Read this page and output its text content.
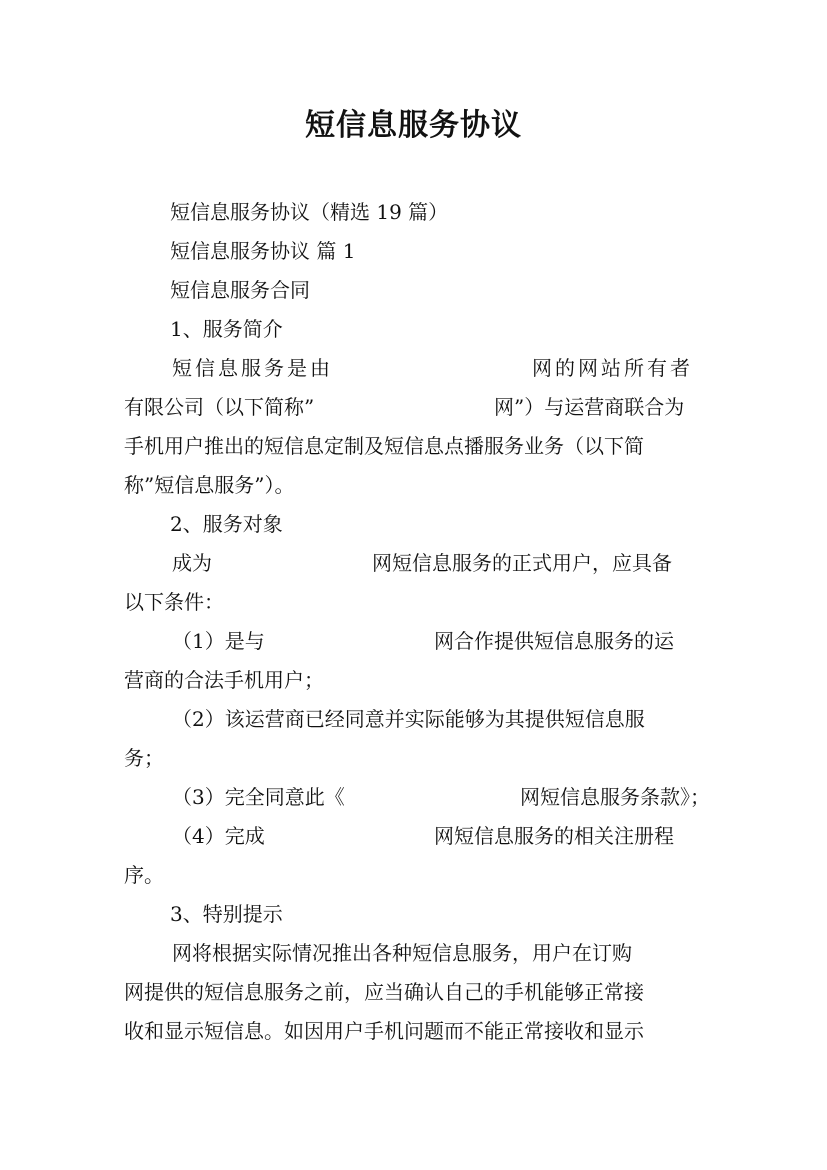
短信息服务协议
短信息服务协议（精选 19 篇）
短信息服务协议 篇 1
短信息服务合同
1、服务简介
短信息服务是由	网的网站所有者
有限公司（以下简称”	网”）与运营商联合为
手机用户推出的短信息定制及短信息点播服务业务（以下简
称”短信息服务”）。
2、服务对象
成为	网短信息服务的正式用户，应具备
以下条件：
（1）是与	网合作提供短信息服务的运
营商的合法手机用户；
（2）该运营商已经同意并实际能够为其提供短信息服
务；
（3）完全同意此《	网短信息服务条款》；
（4）完成	网短信息服务的相关注册程
序。
3、特别提示
网将根据实际情况推出各种短信息服务，用户在订购
网提供的短信息服务之前，应当确认自己的手机能够正常接
收和显示短信息。如因用户手机问题而不能正常接收和显示
